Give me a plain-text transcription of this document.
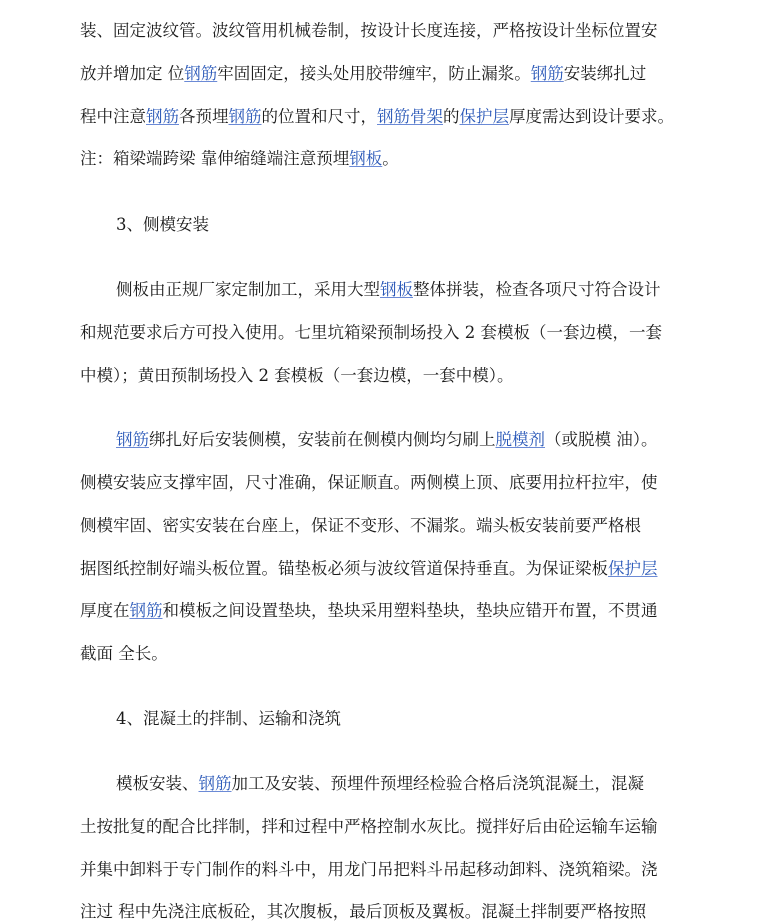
装、固定波纹管。波纹管用机械卷制，按设计长度连接，严格按设计坐标位置安
放并增加定 位钢筋牢固固定，接头处用胶带缠牢，防止漏浆。钢筋安装绑扎过
程中注意钢筋各预埋钢筋的位置和尺寸，钢筋骨架的保护层厚度需达到设计要求。
注：箱梁端跨梁 靠伸缩缝端注意预埋钢板。
3、侧模安装
侧板由正规厂家定制加工，采用大型钢板整体拼装，检查各项尺寸符合设计
和规范要求后方可投入使用。七里坑箱梁预制场投入 2 套模板（一套边模，一套
中模）；黄田预制场投入 2 套模板（一套边模，一套中模）。
钢筋绑扎好后安装侧模，安装前在侧模内侧均匀刷上脱模剂（或脱模 油）。
侧模安装应支撑牢固，尺寸准确，保证顺直。两侧模上顶、底要用拉杆拉牢，使
侧模牢固、密实安装在台座上，保证不变形、不漏浆。端头板安装前要严格根
据图纸控制好端头板位置。锚垫板必须与波纹管道保持垂直。为保证梁板保护层
厚度在钢筋和模板之间设置垫块，垫块采用塑料垫块，垫块应错开布置，不贯通
截面 全长。
4、混凝土的拌制、运输和浇筑
模板安装、钢筋加工及安装、预埋件预埋经检验合格后浇筑混凝土，混凝
土按批复的配合比拌制，拌和过程中严格控制水灰比。搅拌好后由砼运输车运输
并集中卸料于专门制作的料斗中，用龙门吊把料斗吊起移动卸料、浇筑箱梁。浇
注过 程中先浇注底板砼，其次腹板，最后顶板及翼板。混凝土拌制要严格按照
